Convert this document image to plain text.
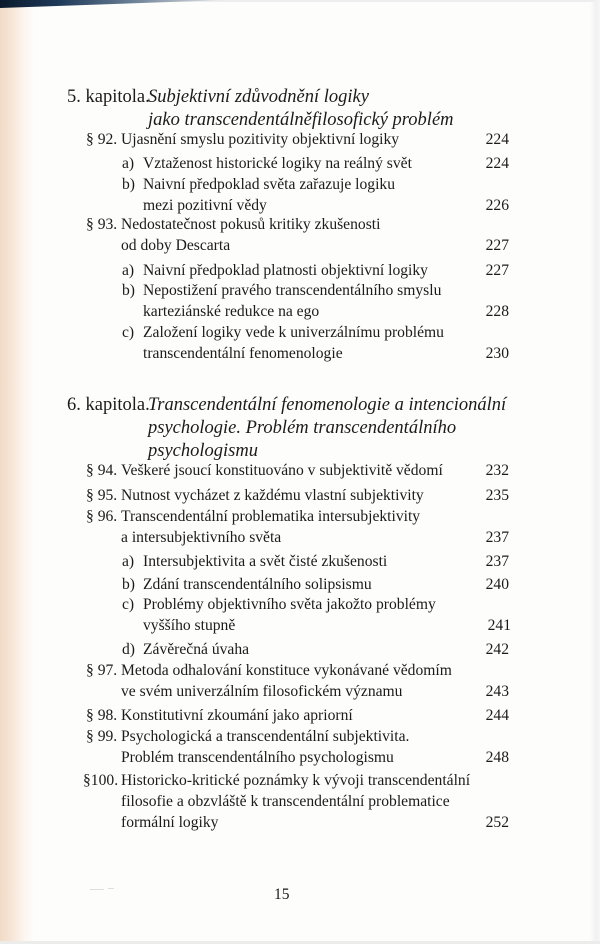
5. kapitola.
Subjektivní zdůvodnění logiky
jako transcendentálněfilosofický problém
§ 92. Ujasnění smyslu pozitivity objektivní logiky	224
a) Vztaženost historické logiky na reálný svět	224
b) Naivní předpoklad světa zařazuje logiku
mezi pozitivní vědy	226
§ 93. Nedostatečnost pokusů kritiky zkušenosti
od doby Descarta	227
a) Naivní předpoklad platnosti objektivní logiky	227
b) Nepostižení pravého transcendentálního smyslu
karteziánské redukce na ego	228
c) Založení logiky vede k univerzálnímu problému
transcendentální fenomenologie	230
6. kapitola.
Transcendentální fenomenologie a intencionální
psychologie. Problém transcendentálního
psychologismu
§ 94. Veškeré jsoucí konstituováno v subjektivitě vědomí	232
§ 95. Nutnost vycházet z každému vlastní subjektivity	235
§ 96. Transcendentální problematika intersubjektivity
a intersubjektivního světa	237
a) Intersubjektivita a svět čisté zkušenosti	237
b) Zdání transcendentálního solipsismu	240
c) Problémy objektivního světa jakožto problémy
vyššího stupně	241
d) Závěrečná úvaha	242
§ 97. Metoda odhalování konstituce vykonávané vědomím
ve svém univerzálním filosofickém významu	243
§ 98. Konstitutivní zkoumání jako apriorní	244
§ 99. Psychologická a transcendentální subjektivita.
Problém transcendentálního psychologismu	248
§100. Historicko-kritické poznámky k vývoji transcendentální
filosofie a obzvláště k transcendentální problematice
formální logiky	252
15
